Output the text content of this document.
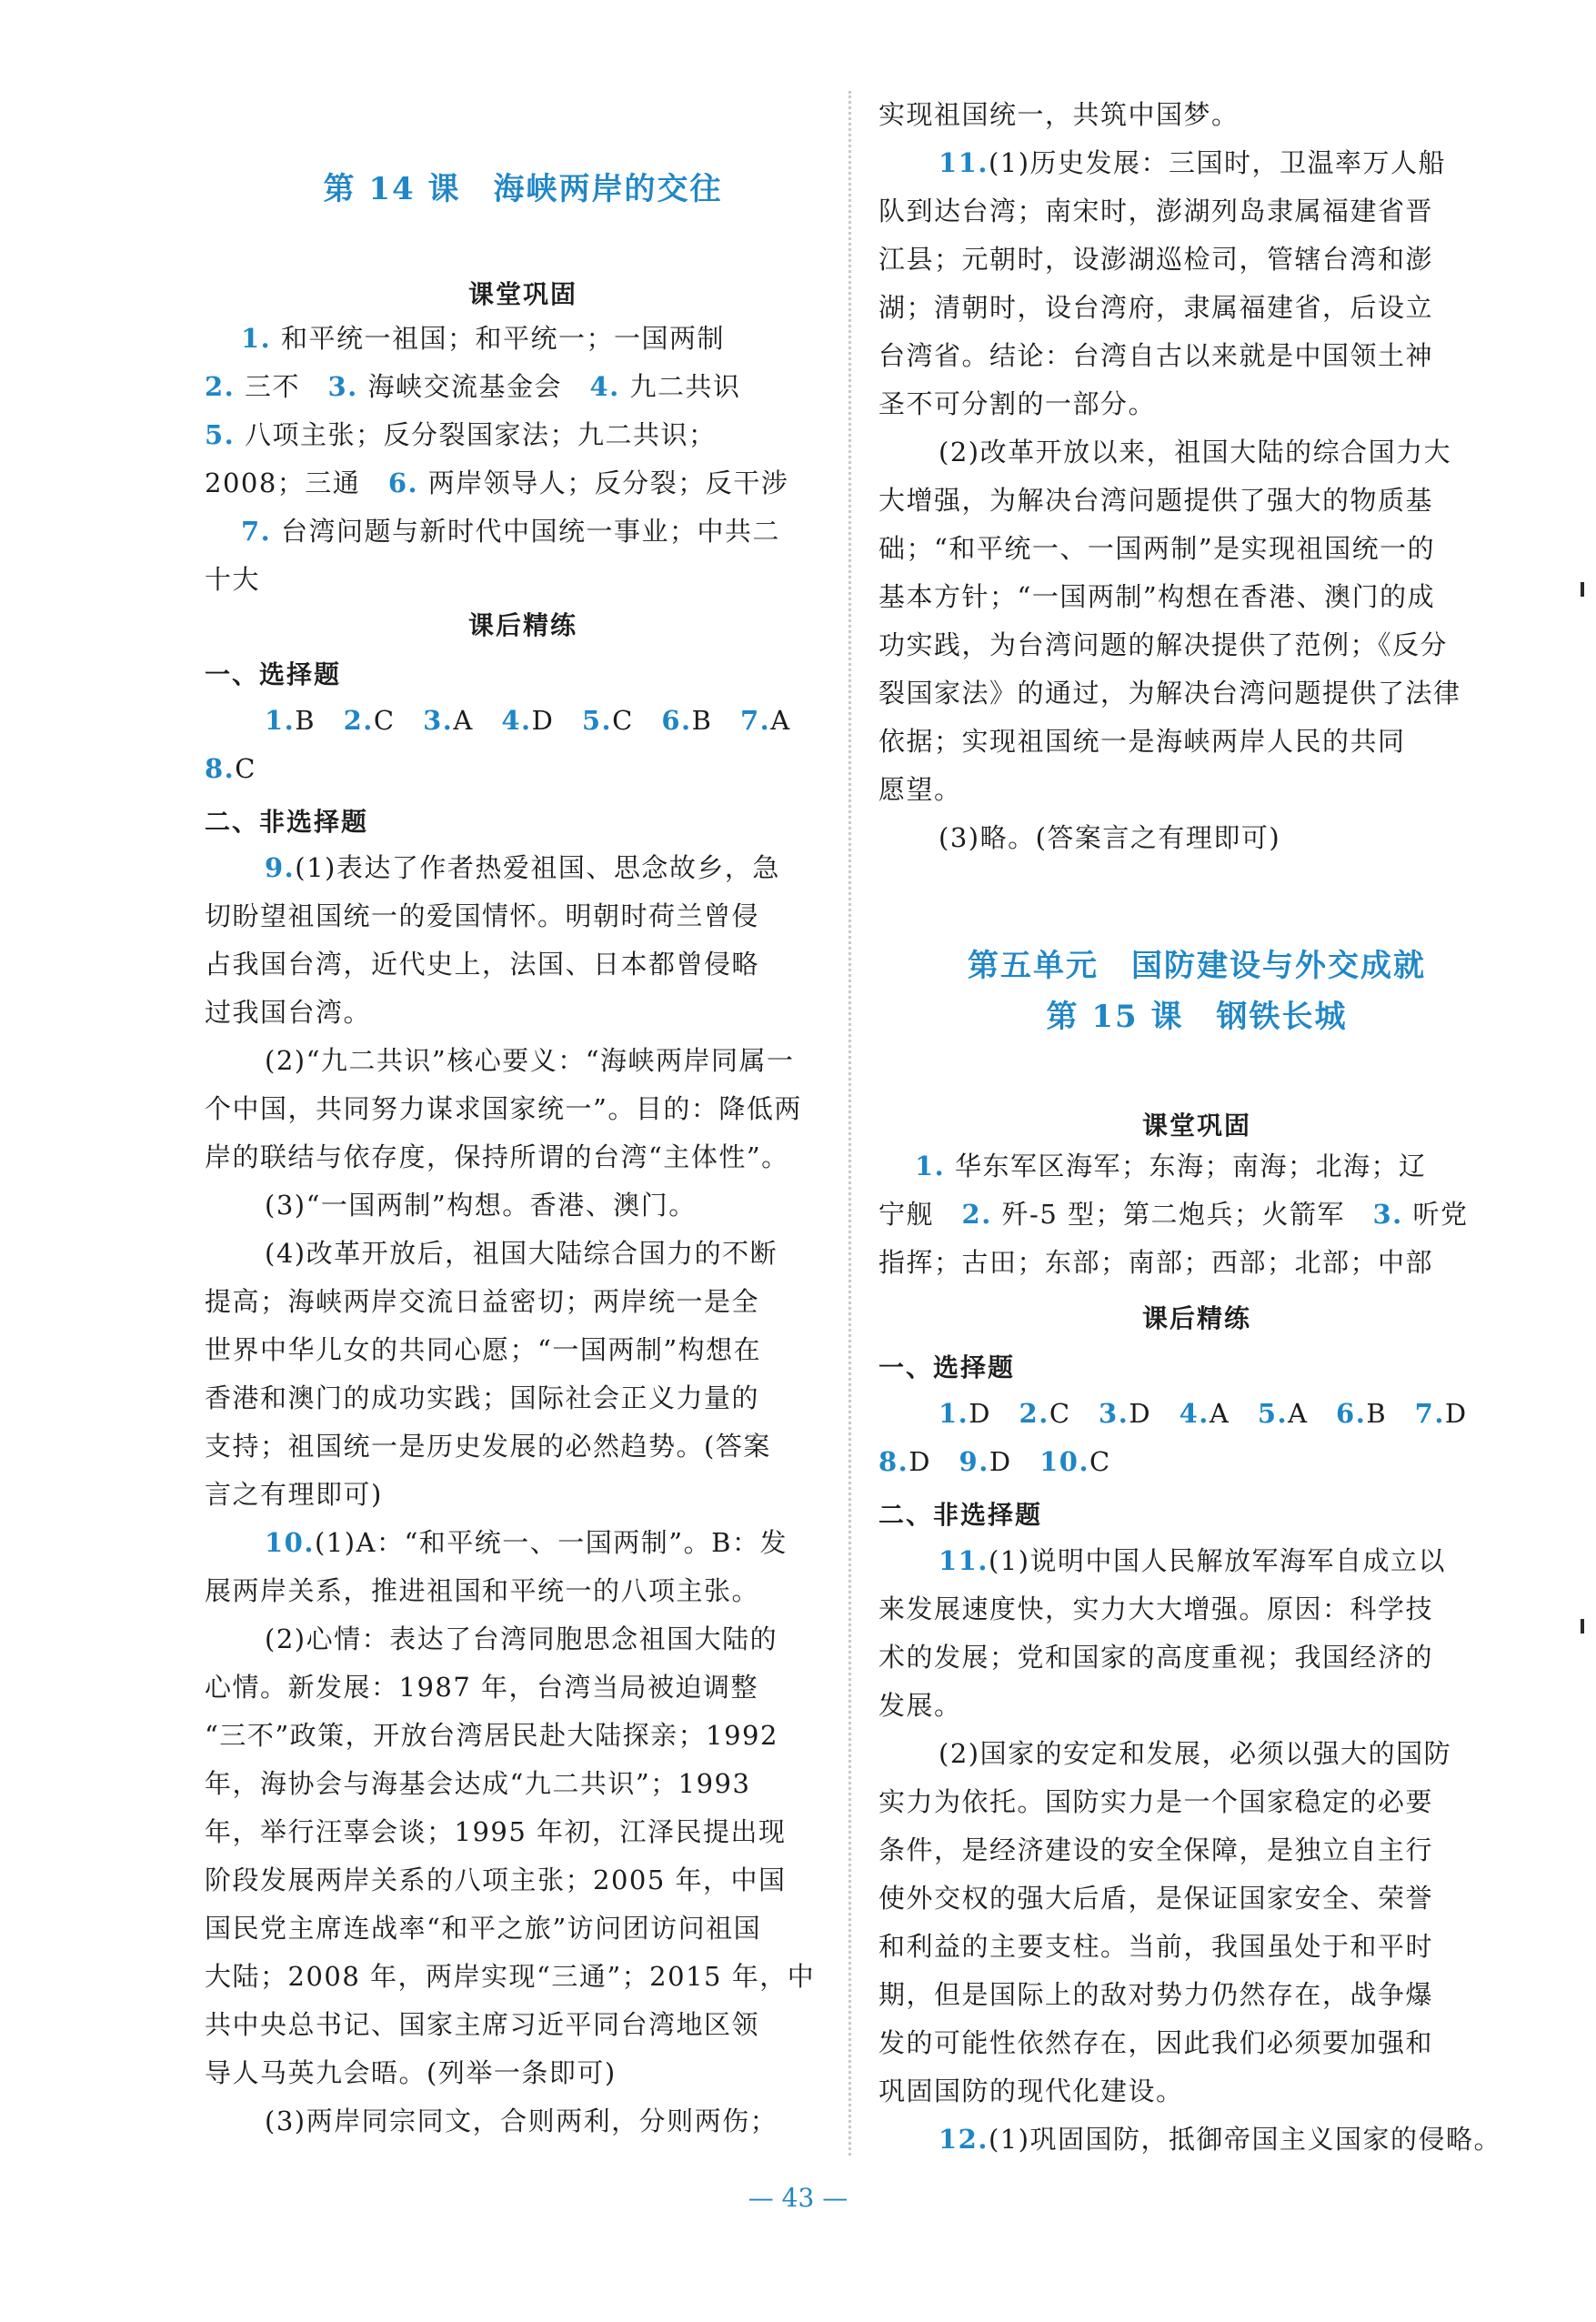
第 14 课　海峡两岸的交往
课堂巩固
1. 和平统一祖国；和平统一；一国两制
2. 三不　3. 海峡交流基金会　4. 九二共识
5. 八项主张；反分裂国家法；九二共识；
2008；三通　6. 两岸领导人；反分裂；反干涉
7. 台湾问题与新时代中国统一事业；中共二
十大
课后精练
一、选择题
1.B　2.C　3.A　4.D　5.C　6.B　7.A
8.C
二、非选择题
9.(1)表达了作者热爱祖国、思念故乡，急
切盼望祖国统一的爱国情怀。明朝时荷兰曾侵
占我国台湾，近代史上，法国、日本都曾侵略
过我国台湾。
(2)“九二共识”核心要义：“海峡两岸同属一
个中国，共同努力谋求国家统一”。目的：降低两
岸的联结与依存度，保持所谓的台湾“主体性”。
(3)“一国两制”构想。香港、澳门。
(4)改革开放后，祖国大陆综合国力的不断
提高；海峡两岸交流日益密切；两岸统一是全
世界中华儿女的共同心愿；“一国两制”构想在
香港和澳门的成功实践；国际社会正义力量的
支持；祖国统一是历史发展的必然趋势。(答案
言之有理即可)
10.(1)A：“和平统一、一国两制”。B：发
展两岸关系，推进祖国和平统一的八项主张。
(2)心情：表达了台湾同胞思念祖国大陆的
心情。新发展：1987 年，台湾当局被迫调整
“三不”政策，开放台湾居民赴大陆探亲；1992
年，海协会与海基会达成“九二共识”；1993
年，举行汪辜会谈；1995 年初，江泽民提出现
阶段发展两岸关系的八项主张；2005 年，中国
国民党主席连战率“和平之旅”访问团访问祖国
大陆；2008 年，两岸实现“三通”；2015 年，中
共中央总书记、国家主席习近平同台湾地区领
导人马英九会晤。(列举一条即可)
(3)两岸同宗同文，合则两利，分则两伤；
实现祖国统一，共筑中国梦。
11.(1)历史发展：三国时，卫温率万人船
队到达台湾；南宋时，澎湖列岛隶属福建省晋
江县；元朝时，设澎湖巡检司，管辖台湾和澎
湖；清朝时，设台湾府，隶属福建省，后设立
台湾省。结论：台湾自古以来就是中国领土神
圣不可分割的一部分。
(2)改革开放以来，祖国大陆的综合国力大
大增强，为解决台湾问题提供了强大的物质基
础；“和平统一、一国两制”是实现祖国统一的
基本方针；“一国两制”构想在香港、澳门的成
功实践，为台湾问题的解决提供了范例；《反分
裂国家法》的通过，为解决台湾问题提供了法律
依据；实现祖国统一是海峡两岸人民的共同
愿望。
(3)略。(答案言之有理即可)
第五单元　国防建设与外交成就
第 15 课　钢铁长城
课堂巩固
1. 华东军区海军；东海；南海；北海；辽
宁舰　2. 歼-5 型；第二炮兵；火箭军　3. 听党
指挥；古田；东部；南部；西部；北部；中部
课后精练
一、选择题
1.D　2.C　3.D　4.A　5.A　6.B　7.D
8.D　9.D　10.C
二、非选择题
11.(1)说明中国人民解放军海军自成立以
来发展速度快，实力大大增强。原因：科学技
术的发展；党和国家的高度重视；我国经济的
发展。
(2)国家的安定和发展，必须以强大的国防
实力为依托。国防实力是一个国家稳定的必要
条件，是经济建设的安全保障，是独立自主行
使外交权的强大后盾，是保证国家安全、荣誉
和利益的主要支柱。当前，我国虽处于和平时
期，但是国际上的敌对势力仍然存在，战争爆
发的可能性依然存在，因此我们必须要加强和
巩固国防的现代化建设。
12.(1)巩固国防，抵御帝国主义国家的侵略。
— 43 —
